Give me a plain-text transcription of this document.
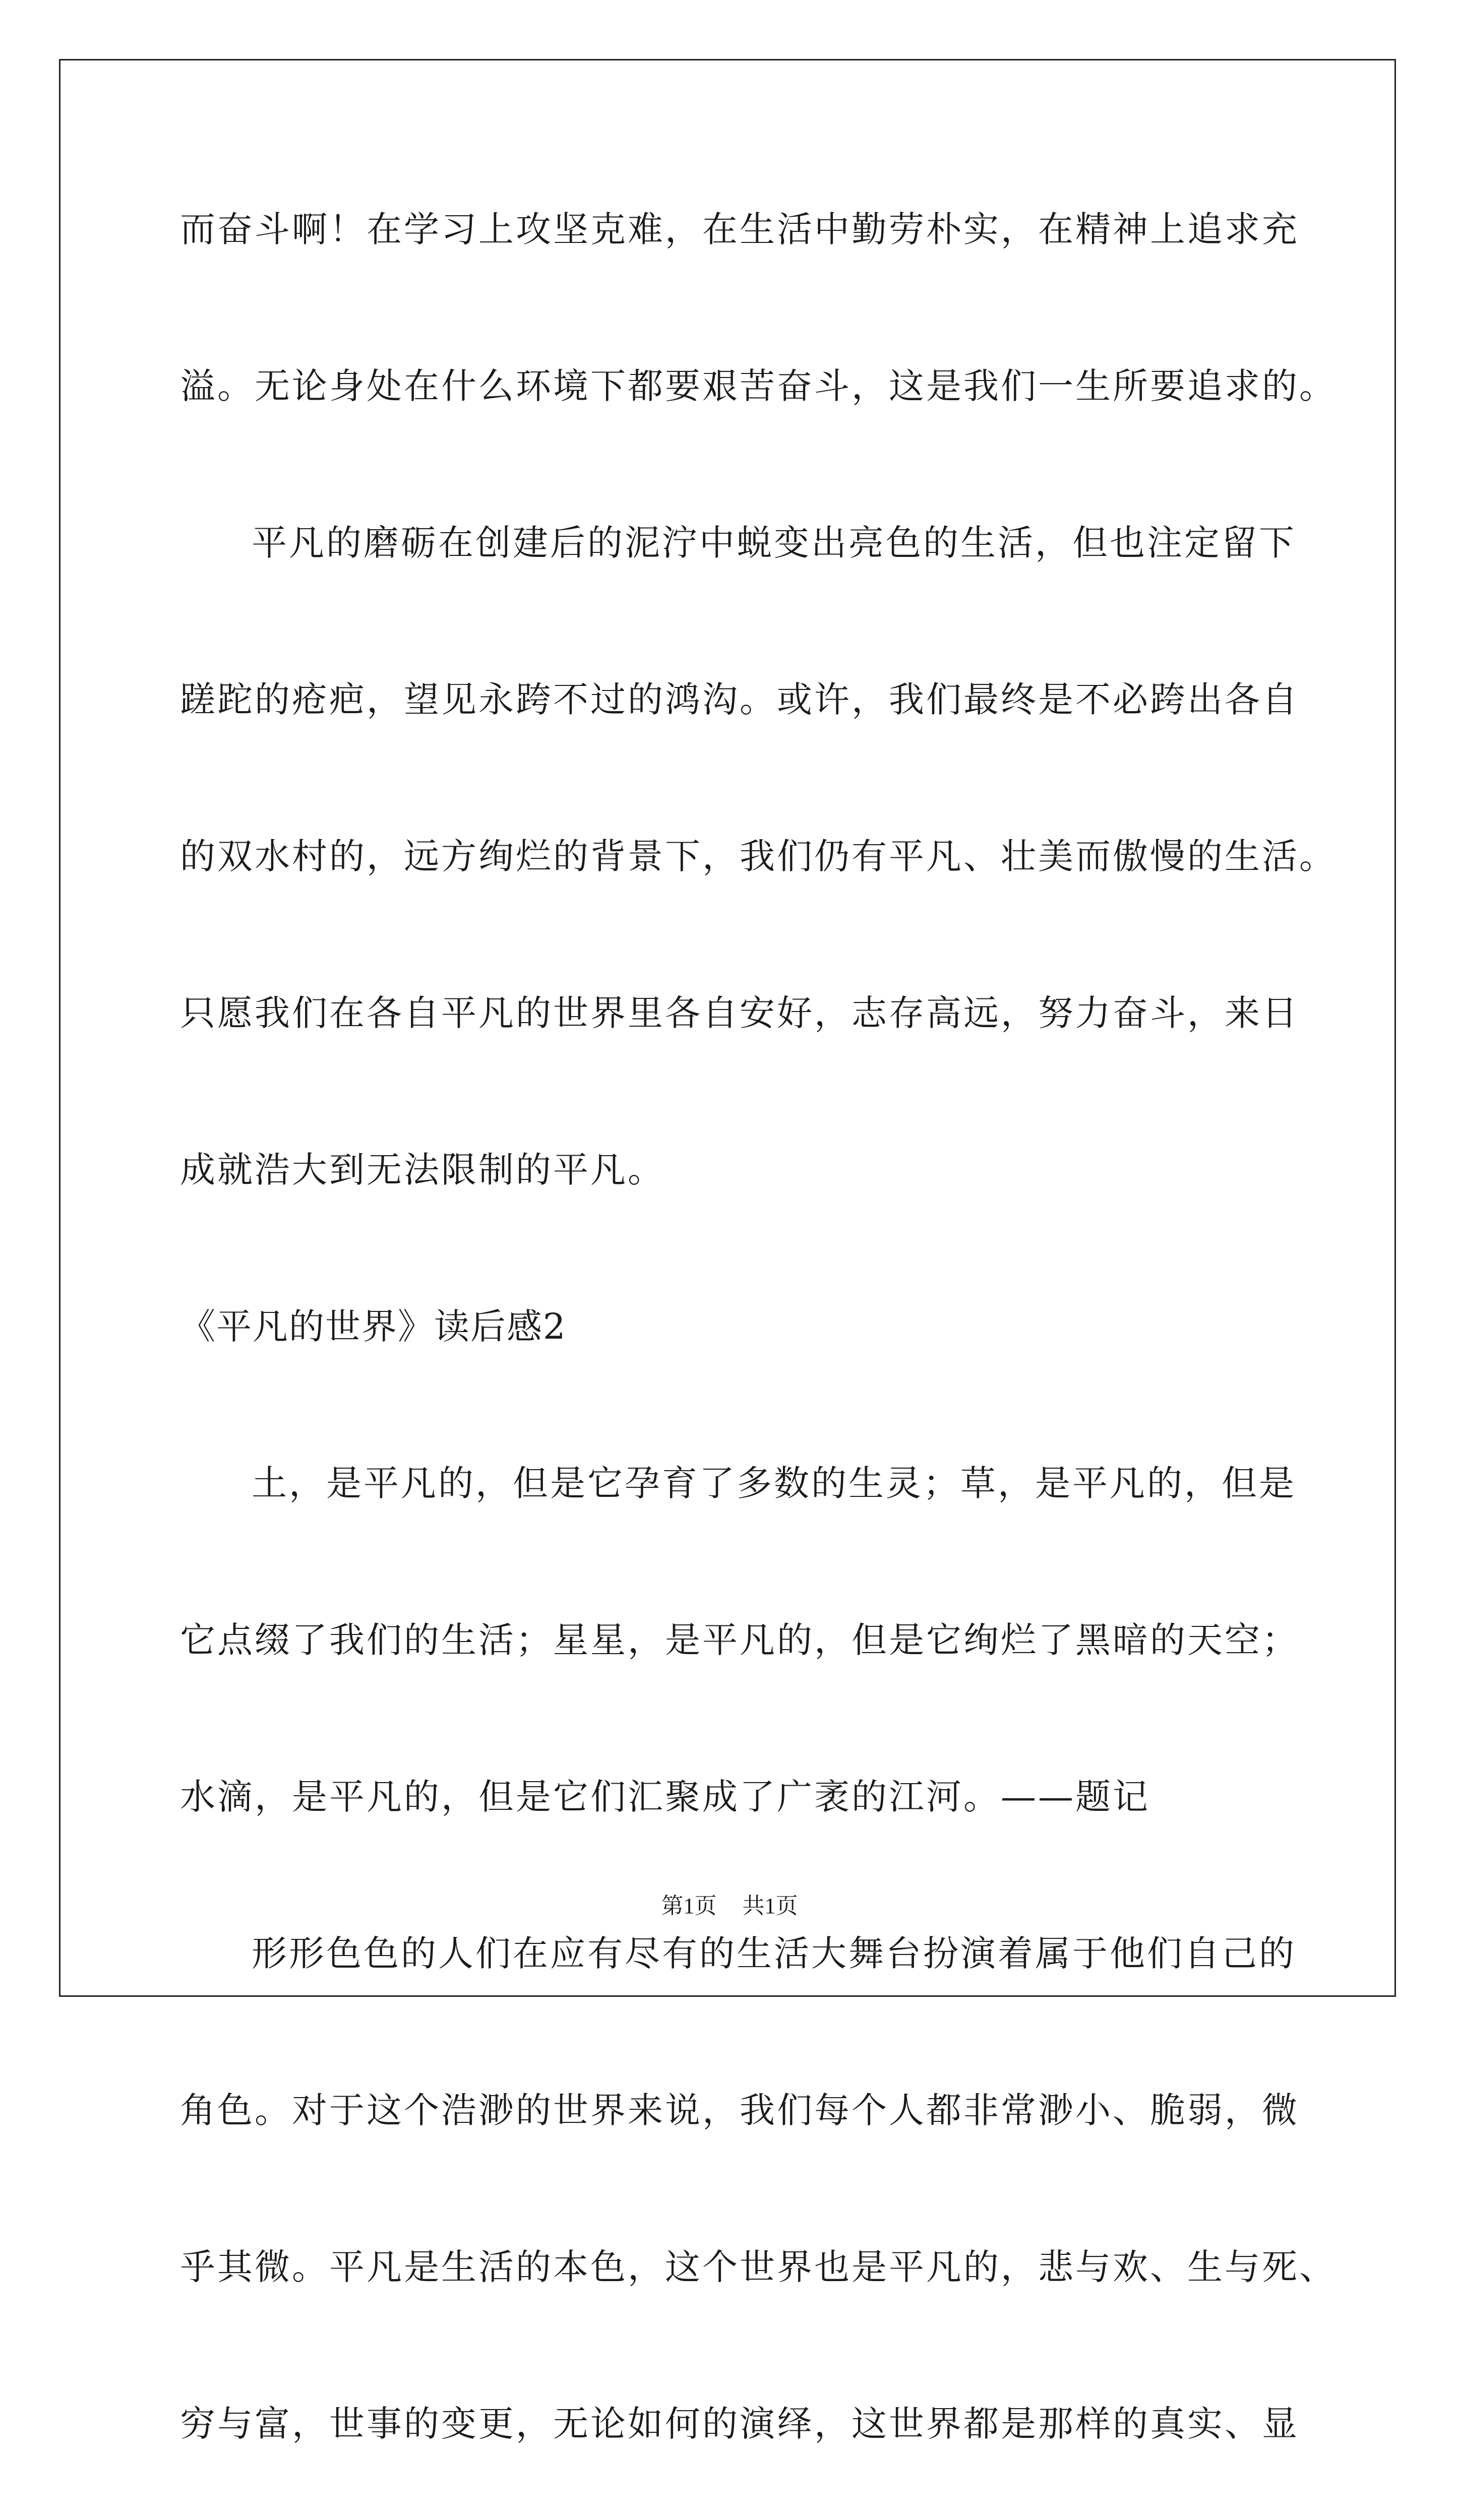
而奋斗啊！在学习上攻坚克难，在生活中勤劳朴实，在精神上追求充
溢。无论身处在什么环境下都要艰苦奋斗，这是我们一生所要追求的。
平凡的磨砺在创建后的泥泞中蜕变出亮色的生活，但也注定留下
蹉跎的疮疤，望见永跨不过的鸿沟。或许，我们最终是不必跨出各自
的双水村的，远方绚烂的背景下，我们仍有平凡、壮美而傲慢的生活。
只愿我们在各自平凡的世界里各自安好，志存高远，努力奋斗，来日
成就浩大到无法限制的平凡。
《平凡的世界》读后感2
土，是平凡的，但是它孕育了多数的生灵；草，是平凡的，但是
它点缀了我们的生活；星星，是平凡的，但是它绚烂了黑暗的天空；
水滴，是平凡的，但是它们汇聚成了广袤的江河。——题记
形形色色的人们在应有尽有的生活大舞台扮演着属于他们自己的
角色。对于这个浩渺的世界来说，我们每个人都非常渺小、脆弱，微
乎其微。平凡是生活的本色，这个世界也是平凡的，悲与欢、生与死、
穷与富，世事的变更，无论如何的演绎，这世界都是那样的真实、显
第1页 共1页
